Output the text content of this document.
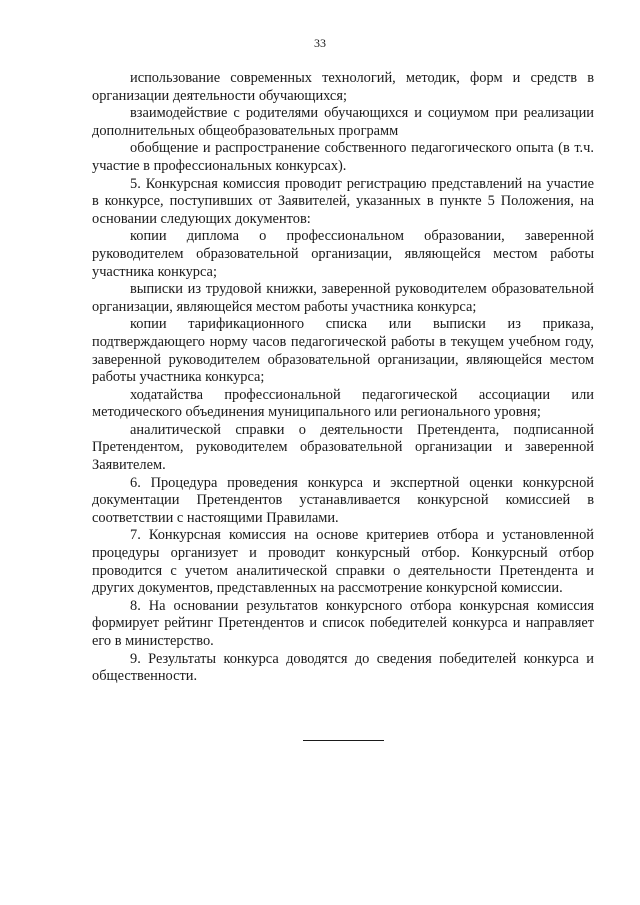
33

использование современных технологий, методик, форм и средств в организации деятельности обучающихся;

взаимодействие с родителями обучающихся и социумом при реализации дополнительных общеобразовательных программ

обобщение и распространение собственного педагогического опыта (в т.ч. участие в профессиональных конкурсах).

5. Конкурсная комиссия проводит регистрацию представлений на участие в конкурсе, поступивших от Заявителей, указанных в пункте 5 Положения, на основании следующих документов:

копии диплома о профессиональном образовании, заверенной руководителем образовательной организации, являющейся местом работы участника конкурса;

выписки из трудовой книжки, заверенной руководителем образовательной организации, являющейся местом работы участника конкурса;

копии тарификационного списка или выписки из приказа, подтверждающего норму часов педагогической работы в текущем учебном году, заверенной руководителем образовательной организации, являющейся местом работы участника конкурса;

ходатайства профессиональной педагогической ассоциации или методического объединения муниципального или регионального уровня;

аналитической справки о деятельности Претендента, подписанной Претендентом, руководителем образовательной организации и заверенной Заявителем.

6. Процедура проведения конкурса и экспертной оценки конкурсной документации Претендентов устанавливается конкурсной комиссией в соответствии с настоящими Правилами.

7. Конкурсная комиссия на основе критериев отбора и установленной процедуры организует и проводит конкурсный отбор. Конкурсный отбор проводится с учетом аналитической справки о деятельности Претендента и других документов, представленных на рассмотрение конкурсной комиссии.

8. На основании результатов конкурсного отбора конкурсная комиссия формирует рейтинг Претендентов и список победителей конкурса и направляет его в министерство.

9. Результаты конкурса доводятся до сведения победителей конкурса и общественности.
